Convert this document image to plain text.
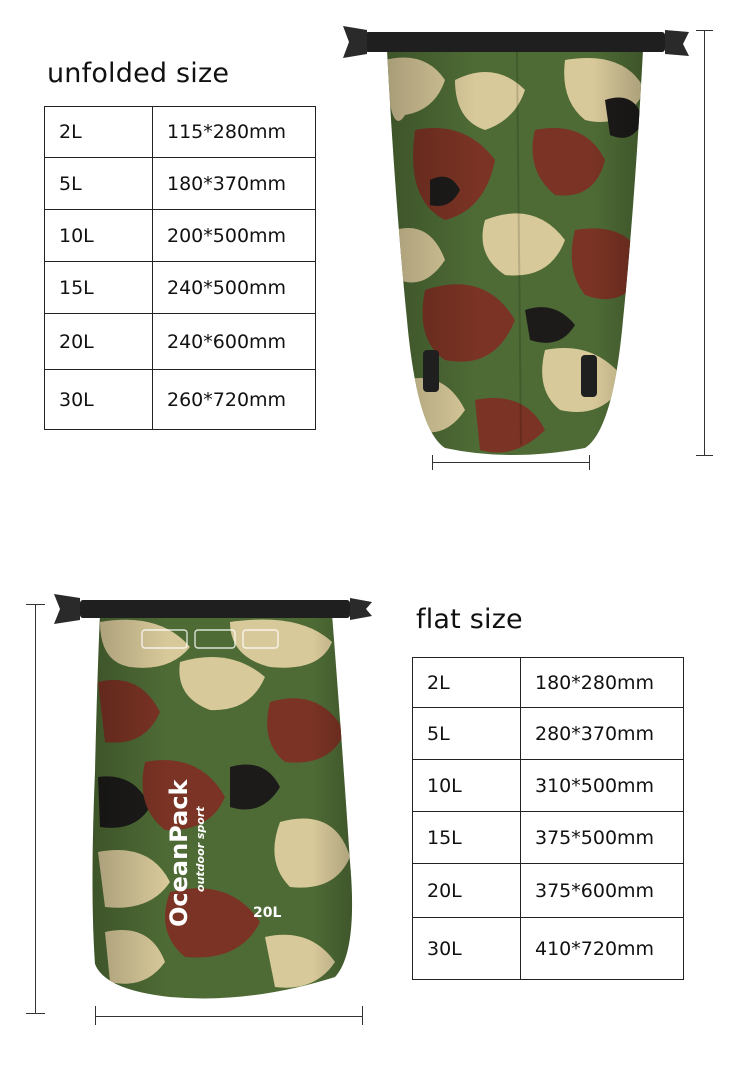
unfolded size
2L	115*280mm
5L	180*370mm
10L	200*500mm
15L	240*500mm
20L	240*600mm
30L	260*720mm
flat size
2L	180*280mm
5L	280*370mm
10L	310*500mm
15L	375*500mm
20L	375*600mm
30L	410*720mm
OceanPack outdoor sport
20L
